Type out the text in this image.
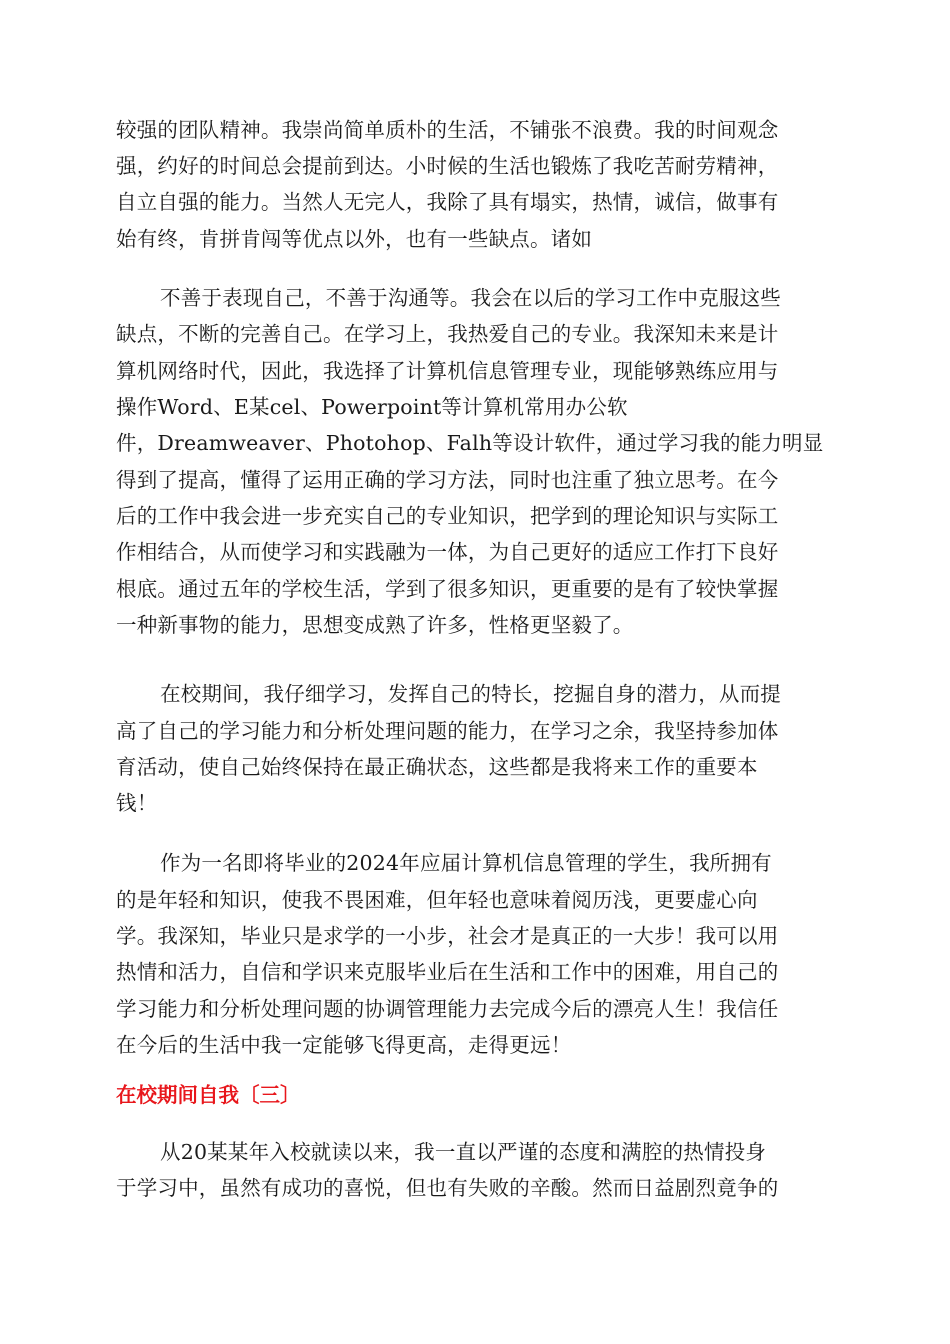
较强的团队精神。我崇尚简单质朴的生活，不铺张不浪费。我的时间观念
强，约好的时间总会提前到达。小时候的生活也锻炼了我吃苦耐劳精神，
自立自强的能力。当然人无完人，我除了具有塌实，热情，诚信，做事有
始有终，肯拼肯闯等优点以外，也有一些缺点。诸如
不善于表现自己，不善于沟通等。我会在以后的学习工作中克服这些
缺点，不断的完善自己。在学习上，我热爱自己的专业。我深知未来是计
算机网络时代，因此，我选择了计算机信息管理专业，现能够熟练应用与
操作Word、E某cel、Powerpoint等计算机常用办公软
件，Dreamweaver、Photohop、Falh等设计软件，通过学习我的能力明显
得到了提高，懂得了运用正确的学习方法，同时也注重了独立思考。在今
后的工作中我会进一步充实自己的专业知识，把学到的理论知识与实际工
作相结合，从而使学习和实践融为一体，为自己更好的适应工作打下良好
根底。通过五年的学校生活，学到了很多知识，更重要的是有了较快掌握
一种新事物的能力，思想变成熟了许多，性格更坚毅了。
在校期间，我仔细学习，发挥自己的特长，挖掘自身的潜力，从而提
高了自己的学习能力和分析处理问题的能力，在学习之余，我坚持参加体
育活动，使自己始终保持在最正确状态，这些都是我将来工作的重要本
钱！
作为一名即将毕业的2024年应届计算机信息管理的学生，我所拥有
的是年轻和知识，使我不畏困难，但年轻也意味着阅历浅，更要虚心向
学。我深知，毕业只是求学的一小步，社会才是真正的一大步！我可以用
热情和活力，自信和学识来克服毕业后在生活和工作中的困难，用自己的
学习能力和分析处理问题的协调管理能力去完成今后的漂亮人生！我信任
在今后的生活中我一定能够飞得更高，走得更远！
在校期间自我〔三〕
从20某某年入校就读以来，我一直以严谨的态度和满腔的热情投身
于学习中，虽然有成功的喜悦，但也有失败的辛酸。然而日益剧烈竟争的
